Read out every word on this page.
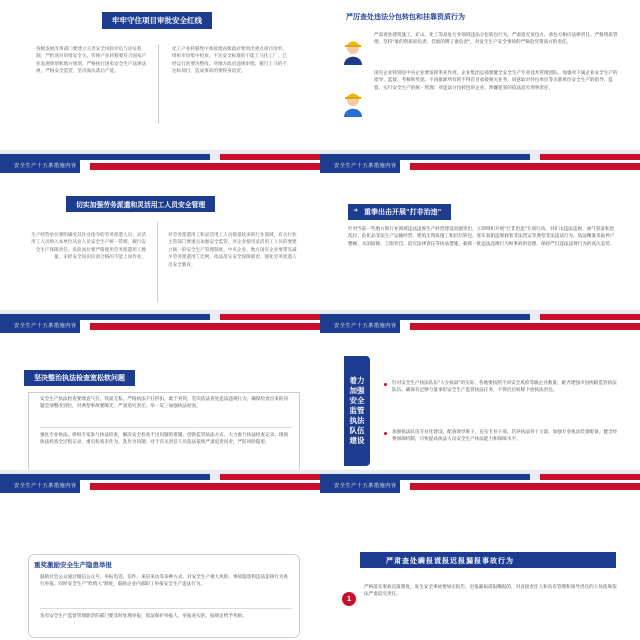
牢牢守住项目审批安全红线
各级发展改革部门要建立完善安全风险评估与论证机制，严把项目审批安全关。传统产业转移要符合国家产业发展规划和地方规划，严格执行国家安全生产法律法规，严格安全监管，坚决淘汰落后产能。
化工产业转移集中承接地省级政府要到出重点项目清单，组织市县集中检查。不达安全标准的不能上马化工厂，已经运行的要决整改。对地方政府违规审批、履行上马的不达标项目，造成事故的要终身追责。
严厉查处违法分包转包和挂靠资质行为
严肃查处建筑施工、矿山、化工等高危行业领域违法分包转包行为。严肃追究发包方、承包方相应法律责任。严格资质管理，坚持"谁的资质谁负责、挂谁的牌子谁负责"，对发生生产安全事故的严格追究资质方的责任。
国有企业特别是中央企业要发挥率先作用，企业集团总部要健全安全生产专业技术管理团队，加强对下属企业安全生产的指导、监督、考核和奖惩。不再推卸所有的不得首目承接相关业务，同意取对外包单位等关联单位安全生产的指导、监督，实行安全生产的统一管理；对违法分包转包的企业，涉嫌犯罪的依法追究刑事责任。
安全生产十五条措施内容
切实加强劳务派遣和灵活用工人员安全管理
生产经营单位要明确受其作业指令的劳务派遣人员、灵活用工人员纳入本单位从业人员安全生产统一管理，履行安全生产保障责任。危险岗位要严格使用劳务派遣用工数量，未经安全知识培训合格的不能上岗作业。
对劳务派遣用工和灵活用工人员数量较多的行业领域，有关行业主管部门要重点加强安全监管。对企业使用灵活用工人员的要建立统一的安全生产管理制度。中央企业、地方国有企业要带头减少劳务派遣用工比例，依法落实安全保障职责，强化劳务派遣人员安全教育。
安全生产十五条措施内容
➜ 重拳出击开展"打非治违"
针对当前一些地方和行业领域违法违规生产经营建设问题突出，立即组织开展"打非治违"专项行动。对矿山违法违规、油气管道私挖乱拉、危化品非法生产运输经营、建筑无资质施工和层层转包、客车客船违规载客非法营运等典型非法违法行为，依法精准采取停产整顿、关闭取缔、上限处罚、追究法律责任等执法措施，狠抓一批违法违规行为和事故的处理，保持严打违法违规行为的高压态势。
安全生产十五条措施内容
坚决整治执法检查宽松软问题
安全生产执法检查要理直气壮、铁面无私，严格执法不打折扣，敢于亮剑，坚决依法查处违法违规行为，确保检查出来的问题全部整改到位，对典型事故要曝光，严肃追究责任，举一反三加强执法检查。
强化专业执法，组织专家参与执法检查，解决安全检查不出问题的难题。创新监管执法方式，大力推行执法检查记录、现场执法检查全过程记录，重点检查未作为、乱作为问题；对于有关责任人员依法依规严肃追责问责，严防风险隐患。
安全生产十五条措施内容
着力加强安全监管执法队伍建设
针对安全生产执法队伍"人少质弱"的实际，各地要按照不同安全风险等级企业数量，配齐建强市县两级监管执法队伍，确保有足够力量承担安全生产监管执法任务，不得层层转移下放执法责任。
加强执法队伍专业化建设，配备领导班子，充实专业干部，培养执法骨干力量，加强专业执法装备配备，健全经费保障机制，尽快提高执法人员安全生产执法能力和保障水平。
安全生产十五条措施内容
重奖激励安全生产隐患举报
鼓励社会公众通过微信公众号、举报电话、信件、来信来访等多种方式，对安全生产重大风险、事故隐患和违法违规行为进行举报。同时安全生产"吹哨人"制度，鼓励企业内部职工举报安全生产违法行为。
负有安全生产监督管理职责的部门要及时处理举报，依法保护举报人，举报查实的，按规定给予奖励。
安全生产十五条措施内容
严肃查处瞒报谎报迟报漏报事故行为
1
严格落实事故直报制度，发生安全事故要如实报告，迟报漏报谎报瞒报的，对直接责任人和负有管理和领导责任的人员依规依法严肃追究责任。
